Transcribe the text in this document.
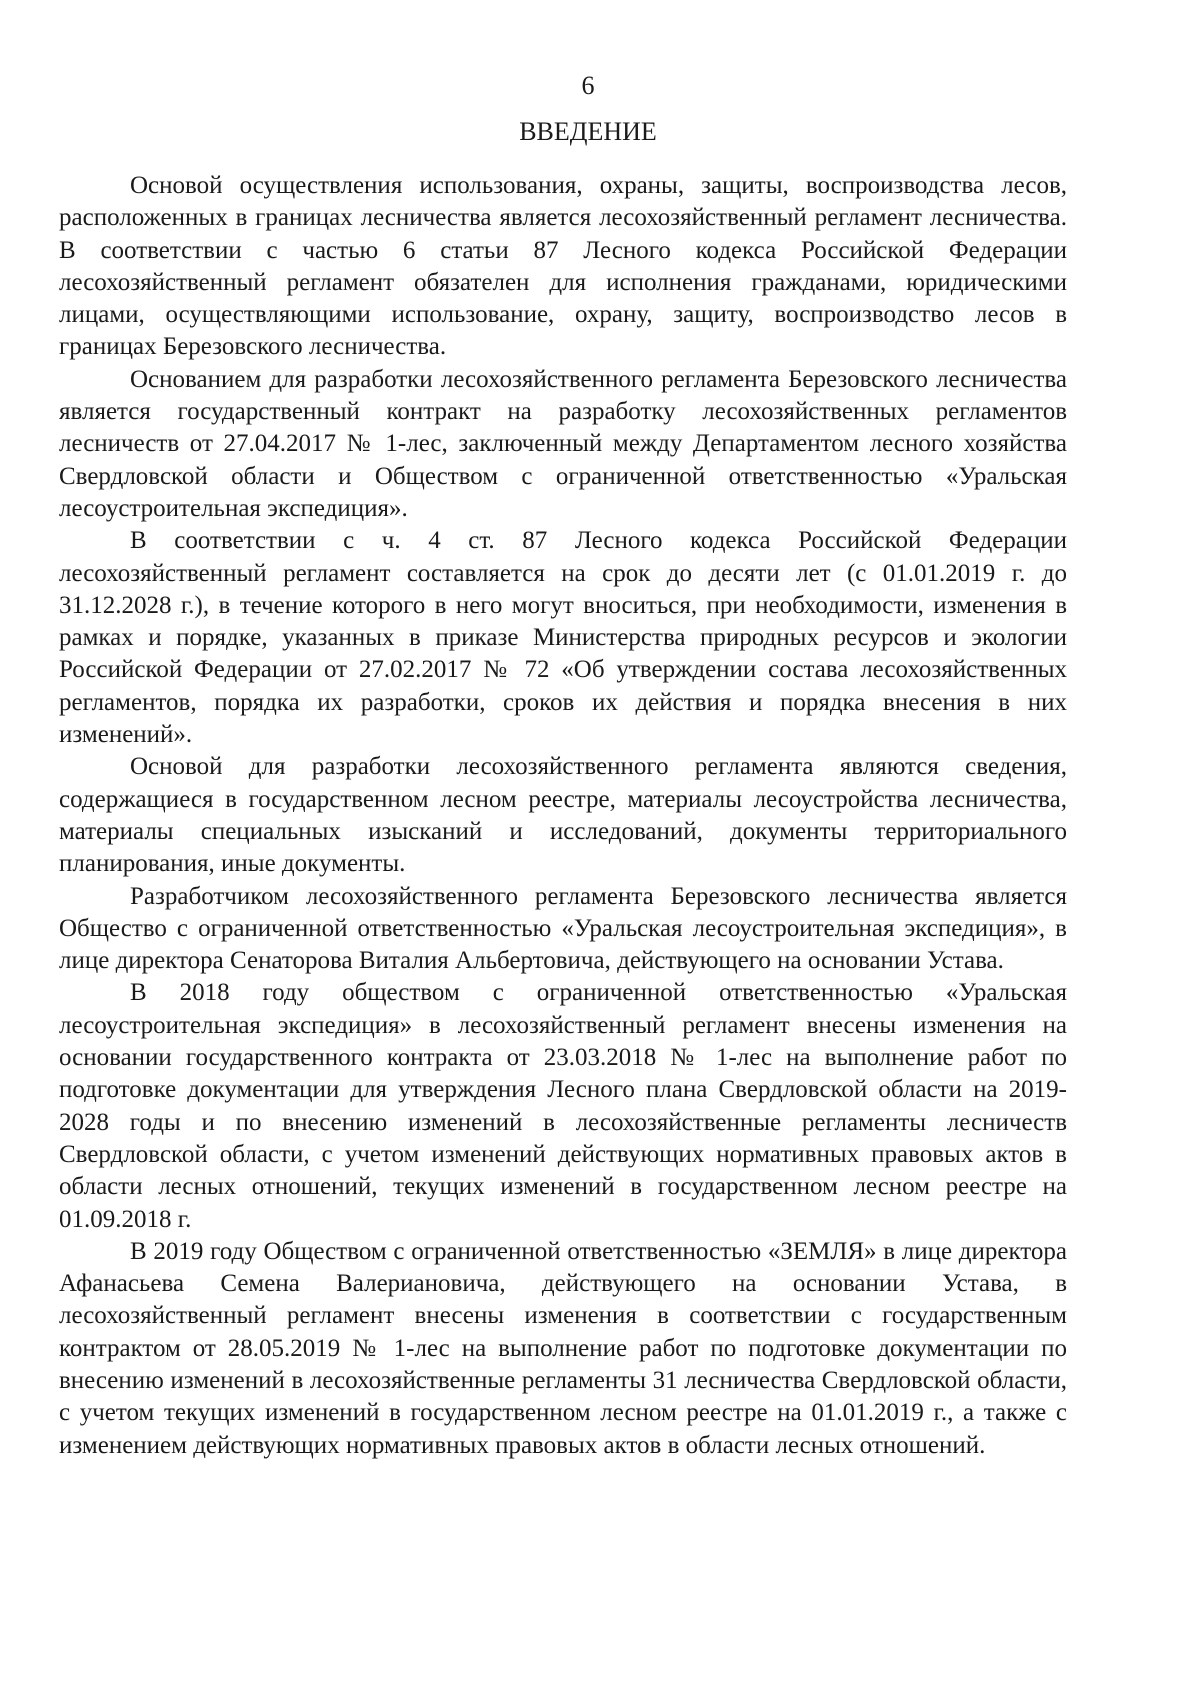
6
ВВЕДЕНИЕ

Основой осуществления использования, охраны, защиты, воспроизводства лесов, расположенных в границах лесничества является лесохозяйственный регламент лесничества. В соответствии с частью 6 статьи 87 Лесного кодекса Российской Федерации лесохозяйственный регламент обязателен для исполнения гражданами, юридическими лицами, осуществляющими использование, охрану, защиту, воспроизводство лесов в границах Березовского лесничества.

Основанием для разработки лесохозяйственного регламента Березовского лесничества является государственный контракт на разработку лесохозяйственных регламентов лесничеств от 27.04.2017 № 1-лес, заключенный между Департаментом лесного хозяйства Свердловской области и Обществом с ограниченной ответственностью «Уральская лесоустроительная экспедиция».

В соответствии с ч. 4 ст. 87 Лесного кодекса Российской Федерации лесохозяйственный регламент составляется на срок до десяти лет (с 01.01.2019 г. до 31.12.2028 г.), в течение которого в него могут вноситься, при необходимости, изменения в рамках и порядке, указанных в приказе Министерства природных ресурсов и экологии Российской Федерации от 27.02.2017 № 72 «Об утверждении состава лесохозяйственных регламентов, порядка их разработки, сроков их действия и порядка внесения в них изменений».

Основой для разработки лесохозяйственного регламента являются сведения, содержащиеся в государственном лесном реестре, материалы лесоустройства лесничества, материалы специальных изысканий и исследований, документы территориального планирования, иные документы.

Разработчиком лесохозяйственного регламента Березовского лесничества является Общество с ограниченной ответственностью «Уральская лесоустроительная экспедиция», в лице директора Сенаторова Виталия Альбертовича, действующего на основании Устава.

В 2018 году обществом с ограниченной ответственностью «Уральская лесоустроительная экспедиция» в лесохозяйственный регламент внесены изменения на основании государственного контракта от 23.03.2018 № 1-лес на выполнение работ по подготовке документации для утверждения Лесного плана Свердловской области на 2019-2028 годы и по внесению изменений в лесохозяйственные регламенты лесничеств Свердловской области, с учетом изменений действующих нормативных правовых актов в области лесных отношений, текущих изменений в государственном лесном реестре на 01.09.2018 г.

В 2019 году Обществом с ограниченной ответственностью «ЗЕМЛЯ» в лице директора Афанасьева Семена Валериановича, действующего на основании Устава, в лесохозяйственный регламент внесены изменения в соответствии с государственным контрактом от 28.05.2019 № 1-лес на выполнение работ по подготовке документации по внесению изменений в лесохозяйственные регламенты 31 лесничества Свердловской области, с учетом текущих изменений в государственном лесном реестре на 01.01.2019 г., а также с изменением действующих нормативных правовых актов в области лесных отношений.
